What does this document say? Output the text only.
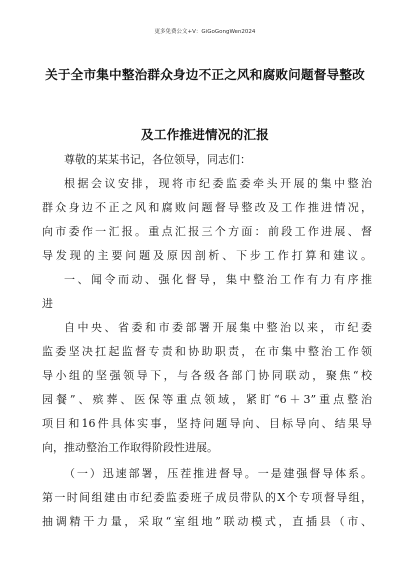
更多免费公文+V：GiGoGongWen2024
关于全市集中整治群众身边不正之风和腐败问题督导整改
及工作推进情况的汇报
尊敬的某某书记，各位领导，同志们：
根据会议安排，现将市纪委监委牵头开展的集中整治
群众身边不正之风和腐败问题督导整改及工作推进情况，
向市委作一汇报。重点汇报三个方面：前段工作进展、督
导发现的主要问题及原因剖析、下步工作打算和建议。
一、闻令而动、强化督导，集中整治工作有力有序推
进
自中央、省委和市委部署开展集中整治以来，市纪委
监委坚决扛起监督专责和协助职责，在市集中整治工作领
导小组的坚强领导下，与各级各部门协同联动，聚焦“校
园餐”、殡葬、医保等重点领域，紧盯“6＋3”重点整治
项目和16件具体实事，坚持问题导向、目标导向、结果导
向，推动整治工作取得阶段性进展。
（一）迅速部署，压茬推进督导。一是建强督导体系。
第一时间组建由市纪委监委班子成员带队的X个专项督导组，
抽调精干力量，采取“室组地”联动模式，直插县（市、
